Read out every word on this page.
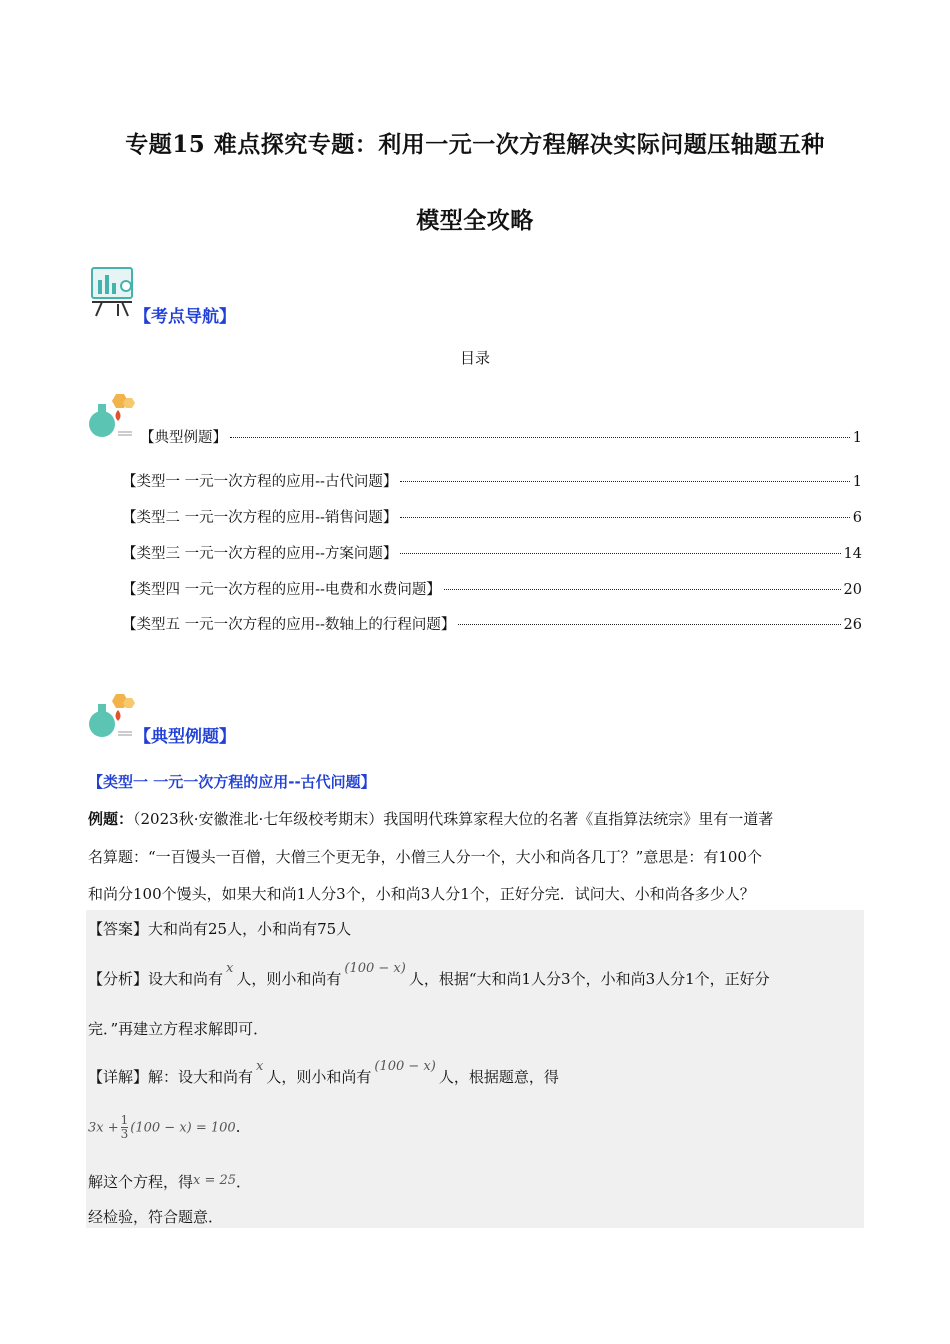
专题15 难点探究专题：利用一元一次方程解决实际问题压轴题五种
模型全攻略
【考点导航】
目录
【典型例题】	1
【类型一 一元一次方程的应用--古代问题】	1
【类型二 一元一次方程的应用--销售问题】	6
【类型三 一元一次方程的应用--方案问题】	14
【类型四 一元一次方程的应用--电费和水费问题】	20
【类型五 一元一次方程的应用--数轴上的行程问题】	26
【典型例题】
【类型一 一元一次方程的应用--古代问题】
例题：（2023秋·安徽淮北·七年级校考期末）我国明代珠算家程大位的名著《直指算法统宗》里有一道著
名算题：“一百馒头一百僧，大僧三个更无争，小僧三人分一个，大小和尚各几丁？”意思是：有100个
和尚分100个馒头，如果大和尚1人分3个，小和尚3人分1个，正好分完．试问大、小和尚各多少人？
【答案】大和尚有25人，小和尚有75人
【分析】设大和尚有x人，则小和尚有(100 − x)人，根据“大和尚1人分3个，小和尚3人分1个，正好分
完．”再建立方程求解即可．
【详解】解：设大和尚有x人，则小和尚有(100 − x)人，根据题意，得
$3x + \frac{1}{3} (100 - x) = 100$．
解这个方程，得x = 25．
经检验，符合题意．
